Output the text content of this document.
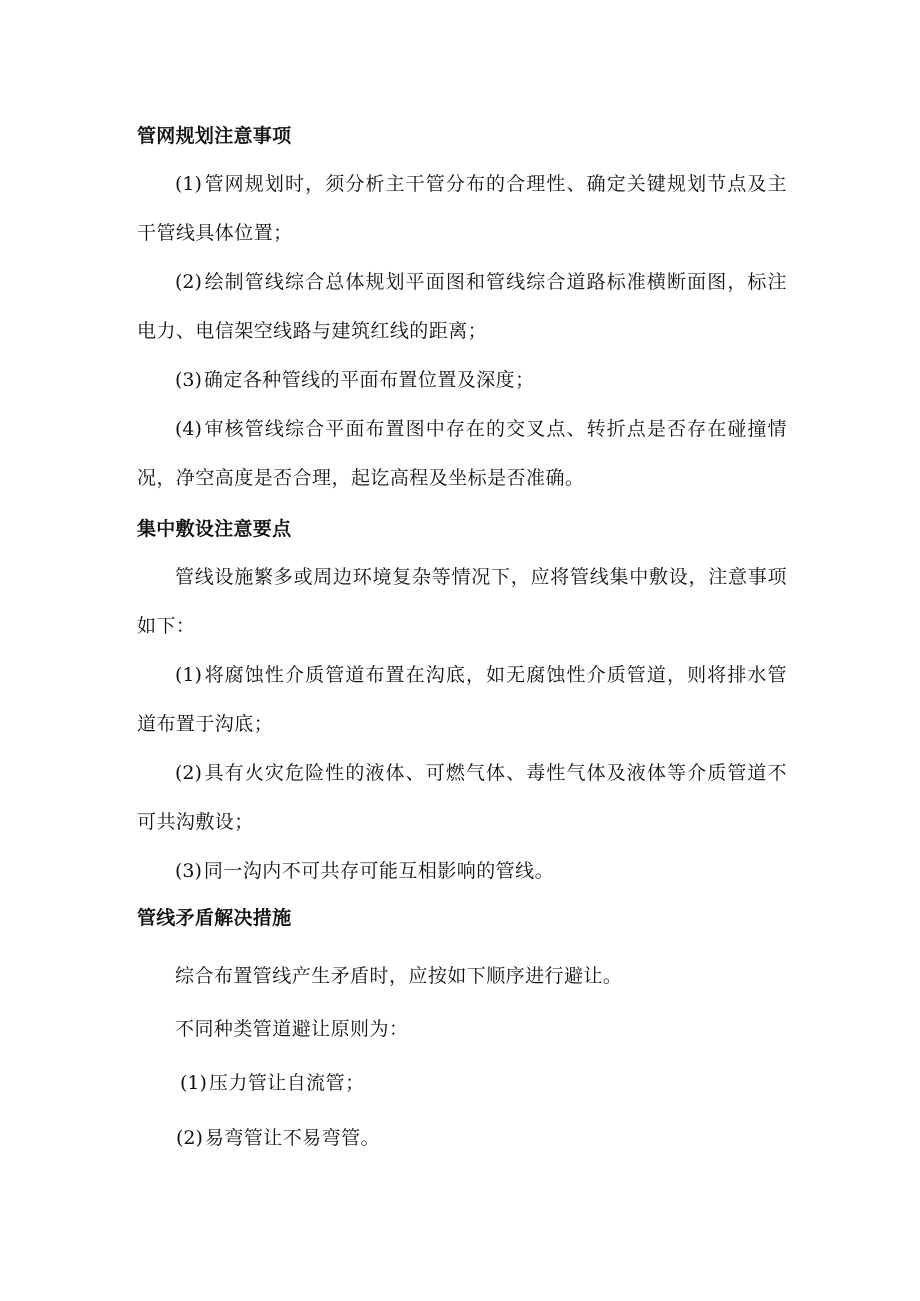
管网规划注意事项
(1) 管网规划时，须分析主干管分布的合理性、确定关键规划节点及主干管线具体位置；
(2) 绘制管线综合总体规划平面图和管线综合道路标准横断面图，标注电力、电信架空线路与建筑红线的距离；
(3) 确定各种管线的平面布置位置及深度；
(4) 审核管线综合平面布置图中存在的交叉点、转折点是否存在碰撞情况，净空高度是否合理，起讫高程及坐标是否准确。
集中敷设注意要点
管线设施繁多或周边环境复杂等情况下，应将管线集中敷设，注意事项如下：
(1) 将腐蚀性介质管道布置在沟底，如无腐蚀性介质管道，则将排水管道布置于沟底；
(2) 具有火灾危险性的液体、可燃气体、毒性气体及液体等介质管道不可共沟敷设；
(3) 同一沟内不可共存可能互相影响的管线。
管线矛盾解决措施
综合布置管线产生矛盾时，应按如下顺序进行避让。
不同种类管道避让原则为：
(1) 压力管让自流管；
(2) 易弯管让不易弯管。
